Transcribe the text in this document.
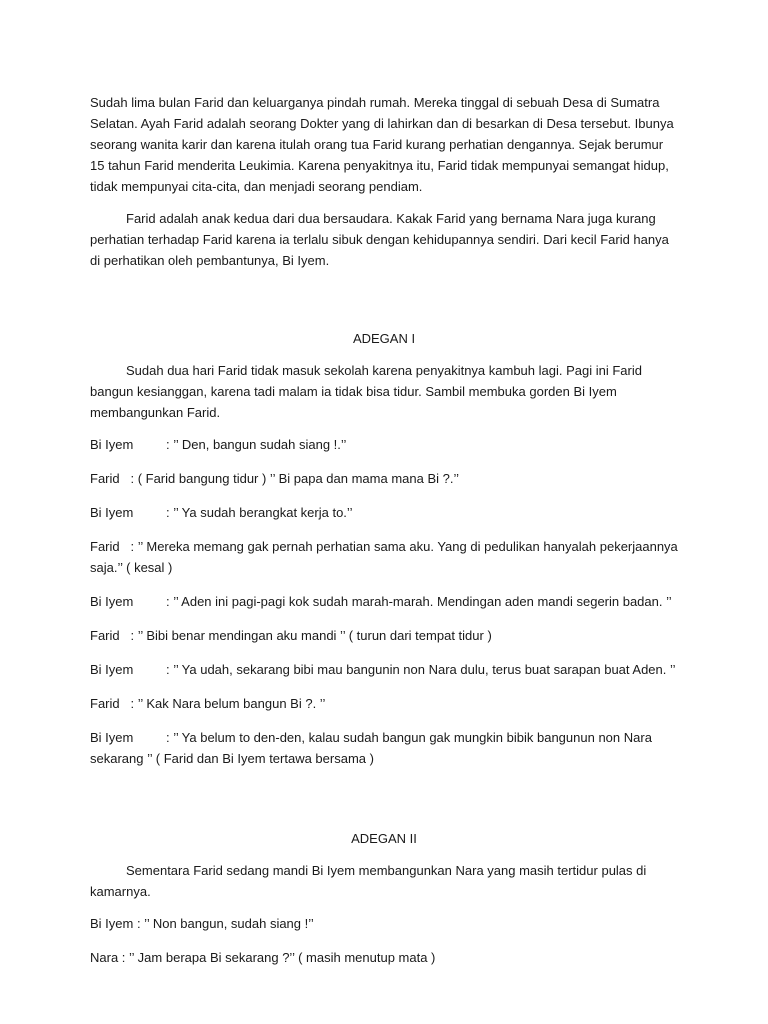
Sudah lima bulan Farid dan keluarganya pindah rumah. Mereka tinggal di sebuah Desa di Sumatra Selatan. Ayah Farid adalah seorang Dokter yang di lahirkan dan di besarkan di Desa tersebut. Ibunya seorang wanita karir dan karena itulah orang tua Farid kurang perhatian dengannya. Sejak berumur 15 tahun Farid menderita Leukimia. Karena penyakitnya itu, Farid tidak mempunyai semangat hidup, tidak mempunyai cita-cita, dan menjadi seorang pendiam.

Farid adalah anak kedua dari dua bersaudara. Kakak Farid yang bernama Nara juga kurang perhatian terhadap Farid karena ia terlalu sibuk dengan kehidupannya sendiri. Dari kecil Farid hanya di perhatikan oleh pembantunya, Bi Iyem.

ADEGAN I

Sudah dua hari Farid tidak masuk sekolah karena penyakitnya kambuh lagi. Pagi ini Farid bangun kesianggan, karena tadi malam ia tidak bisa tidur. Sambil membuka gorden Bi Iyem membangunkan Farid.

Bi Iyem	: ’’ Den, bangun sudah siang !.’’

Farid : ( Farid bangung tidur ) ’’ Bi papa dan mama mana Bi ?.’’

Bi Iyem	: ’’ Ya sudah berangkat kerja to.’’

Farid : ’’ Mereka memang gak pernah perhatian sama aku. Yang di pedulikan hanyalah pekerjaannya saja.’’ ( kesal )

Bi Iyem	: ’’ Aden ini pagi-pagi kok sudah marah-marah. Mendingan aden mandi segerin badan. ’’

Farid : ’’ Bibi benar mendingan aku mandi ’’ ( turun dari tempat tidur )

Bi Iyem	: ’’ Ya udah, sekarang bibi mau bangunin non Nara dulu, terus buat sarapan buat Aden. ’’

Farid : ’’ Kak Nara belum bangun Bi ?. ’’

Bi Iyem	: ’’ Ya belum to den-den, kalau sudah bangun gak mungkin bibik bangunun non Nara sekarang ’’ ( Farid dan Bi Iyem tertawa bersama )

ADEGAN II

Sementara Farid sedang mandi Bi Iyem membangunkan Nara yang masih tertidur pulas di kamarnya.

Bi Iyem : ’’ Non bangun, sudah siang !’’

Nara : ’’ Jam berapa Bi sekarang ?’’ ( masih menutup mata )
